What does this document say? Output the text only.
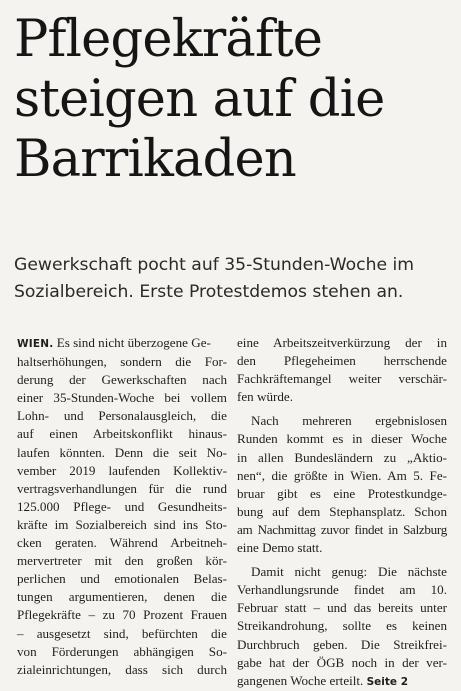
Pflegekräfte
steigen auf die
Barrikaden
Gewerkschaft pocht auf 35-Stunden-Woche im
Sozialbereich. Erste Protestdemos stehen an.
WIEN. Es sind nicht überzogene Ge-
haltserhöhungen, sondern die For-
derung der Gewerkschaften nach
einer 35-Stunden-Woche bei vollem
Lohn- und Personalausgleich, die
auf einen Arbeitskonflikt hinaus-
laufen könnten. Denn die seit No-
vember 2019 laufenden Kollektiv-
vertragsverhandlungen für die rund
125.000 Pflege- und Gesundheits-
kräfte im Sozialbereich sind ins Sto-
cken geraten. Während Arbeitneh-
mervertreter mit den großen kör-
perlichen und emotionalen Belas-
tungen argumentieren, denen die
Pflegekräfte – zu 70 Prozent Frauen
– ausgesetzt sind, befürchten die
von Förderungen abhängigen So-
zialeinrichtungen, dass sich durch
eine Arbeitszeitverkürzung der in
den Pflegeheimen herrschende
Fachkräftemangel weiter verschär-
fen würde.
Nach mehreren ergebnislosen
Runden kommt es in dieser Woche
in allen Bundesländern zu „Aktio-
nen“, die größte in Wien. Am 5. Fe-
bruar gibt es eine Protestkundge-
bung auf dem Stephansplatz. Schon
am Nachmittag zuvor findet in Salzburg
eine Demo statt.
Damit nicht genug: Die nächste
Verhandlungsrunde findet am 10.
Februar statt – und das bereits unter
Streikandrohung, sollte es keinen
Durchbruch geben. Die Streikfrei-
gabe hat der ÖGB noch in der ver-
gangenen Woche erteilt. Seite 2
